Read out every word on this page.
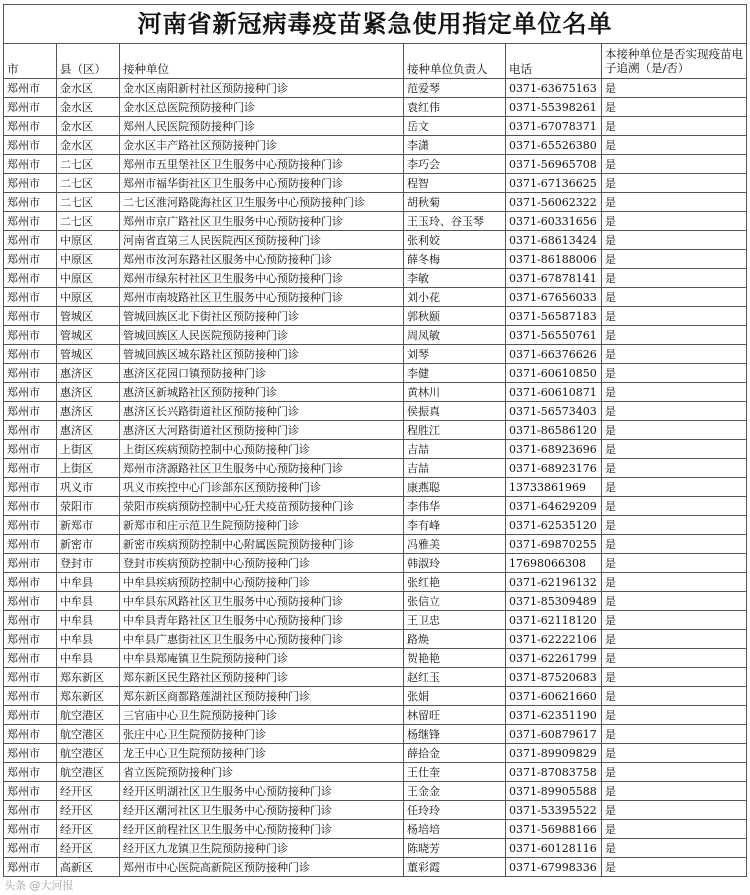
河南省新冠病毒疫苗紧急使用指定单位名单					
市	县（区）	接种单位	接种单位负责人	电话	本接种单位是否实现疫苗电子追溯（是/否）
郑州市	金水区	金水区南阳新村社区预防接种门诊	范爱琴	0371-63675163	是
郑州市	金水区	金水区总医院预防接种门诊	袁红伟	0371-55398261	是
郑州市	金水区	郑州人民医院预防接种门诊	岳文	0371-67078371	是
郑州市	金水区	金水区丰产路社区预防接种门诊	李潇	0371-65526380	是
郑州市	二七区	郑州市五里堡社区卫生服务中心预防接种门诊	李巧会	0371-56965708	是
郑州市	二七区	郑州市福华街社区卫生服务中心预防接种门诊	程智	0371-67136625	是
郑州市	二七区	二七区淮河路陇海社区卫生服务中心预防接种门诊	胡秋菊	0371-56062322	是
郑州市	二七区	郑州市京广路社区卫生服务中心预防接种门诊	王玉玲、谷玉琴	0371-60331656	是
郑州市	中原区	河南省直第三人民医院西区预防接种门诊	张利姣	0371-68613424	是
郑州市	中原区	郑州市汝河东路社区服务中心预防接种门诊	薛冬梅	0371-86188006	是
郑州市	中原区	郑州市绿东村社区卫生服务中心预防接种门诊	李敏	0371-67878141	是
郑州市	中原区	郑州市南坡路社区卫生服务中心预防接种门诊	刘小花	0371-67656033	是
郑州市	管城区	管城回族区北下街社区预防接种门诊	郭秋颐	0371-56587183	是
郑州市	管城区	管城回族区人民医院预防接种门诊	周凤敏	0371-56550761	是
郑州市	管城区	管城回族区城东路社区预防接种门诊	刘琴	0371-66376626	是
郑州市	惠济区	惠济区花园口镇预防接种门诊	李健	0371-60610850	是
郑州市	惠济区	惠济区新城路社区预防接种门诊	黄林川	0371-60610871	是
郑州市	惠济区	惠济区长兴路街道社区预防接种门诊	侯振真	0371-56573403	是
郑州市	惠济区	惠济区大河路街道社区预防接种门诊	程胜江	0371-86586120	是
郑州市	上街区	上街区疾病预防控制中心预防接种门诊	吉喆	0371-68923696	是
郑州市	上街区	郑州市济源路社区卫生服务中心预防接种门诊	吉喆	0371-68923176	是
郑州市	巩义市	巩义市疾控中心门诊部东区预防接种门诊	康燕聪	13733861969	是
郑州市	荥阳市	荥阳市疾病预防控制中心狂犬疫苗预防接种门诊	李伟华	0371-64629209	是
郑州市	新郑市	新郑市和庄示范卫生院预防接种门诊	李有峰	0371-62535120	是
郑州市	新密市	新密市疾病预防控制中心附属医院预防接种门诊	冯雅美	0371-69870255	是
郑州市	登封市	登封市疾病预防控制中心预防接种门诊	韩淑玲	17698066308	是
郑州市	中牟县	中牟县疾病预防控制中心预防接种门诊	张红艳	0371-62196132	是
郑州市	中牟县	中牟县东风路社区卫生服务中心预防接种门诊	张信立	0371-85309489	是
郑州市	中牟县	中牟县青年路社区卫生服务中心预防接种门诊	王卫忠	0371-62118120	是
郑州市	中牟县	中牟县广惠街社区卫生服务中心预防接种门诊	路焕	0371-62222106	是
郑州市	中牟县	中牟县郑庵镇卫生院预防接种门诊	贺艳艳	0371-62261799	是
郑州市	郑东新区	郑东新区民生路社区预防接种门诊	赵红玉	0371-87520683	是
郑州市	郑东新区	郑东新区商都路莲湖社区预防接种门诊	张娟	0371-60621660	是
郑州市	航空港区	三官庙中心卫生院预防接种门诊	林留旺	0371-62351190	是
郑州市	航空港区	张庄中心卫生院预防接种门诊	杨继锋	0371-60879617	是
郑州市	航空港区	龙王中心卫生院预防接种门诊	薛拾金	0371-89909829	是
郑州市	航空港区	省立医院预防接种门诊	王仕奎	0371-87083758	是
郑州市	经开区	经开区明湖社区卫生服务中心预防接种门诊	王金金	0371-89905588	是
郑州市	经开区	经开区潮河社区卫生服务中心预防接种门诊	任玲玲	0371-53395522	是
郑州市	经开区	经开区前程社区卫生服务中心预防接种门诊	杨培培	0371-56988166	是
郑州市	经开区	经开区九龙镇卫生院预防接种门诊	陈晓芳	0371-60128116	是
郑州市	高新区	郑州市中心医院高新院区预防接种门诊	董彩霞	0371-67998336	是
头条 @大河报
